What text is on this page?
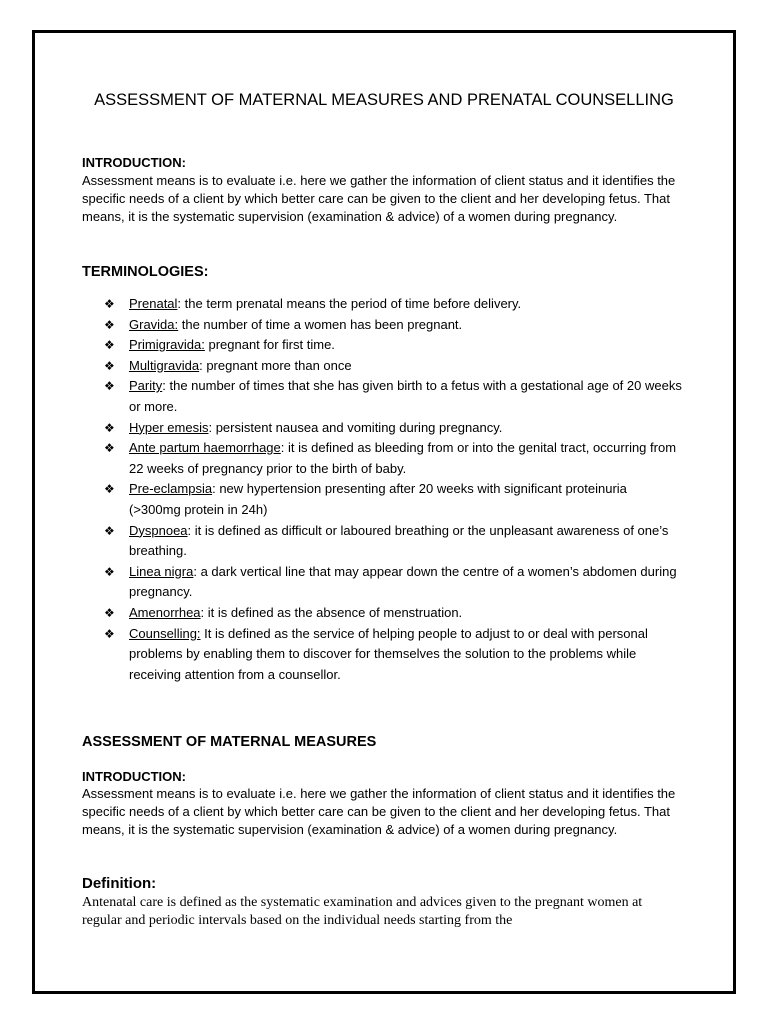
ASSESSMENT OF MATERNAL MEASURES AND PRENATAL COUNSELLING
INTRODUCTION:
Assessment means is to evaluate i.e. here we gather the information of client status and it identifies the specific needs of a client by which better care can be given to the client and her developing fetus. That means, it is the systematic supervision (examination & advice) of a women during pregnancy.
TERMINOLOGIES:
❖ Prenatal: the term prenatal means the period of time before delivery.
❖ Gravida: the number of time a women has been pregnant.
❖ Primigravida: pregnant for first time.
❖ Multigravida: pregnant more than once
❖ Parity: the number of times that she has given birth to a fetus with a gestational age of 20 weeks or more.
❖ Hyper emesis: persistent nausea and vomiting during pregnancy.
❖ Ante partum haemorrhage: it is defined as bleeding from or into the genital tract, occurring from 22 weeks of pregnancy prior to the birth of baby.
❖ Pre-eclampsia: new hypertension presenting after 20 weeks with significant proteinuria (>300mg protein in 24h)
❖ Dyspnoea: it is defined as difficult or laboured breathing or the unpleasant awareness of one’s breathing.
❖ Linea nigra: a dark vertical line that may appear down the centre of a women’s abdomen during pregnancy.
❖ Amenorrhea: it is defined as the absence of menstruation.
❖ Counselling: It is defined as the service of helping people to adjust to or deal with personal problems by enabling them to discover for themselves the solution to the problems while receiving attention from a counsellor.
ASSESSMENT OF MATERNAL MEASURES
INTRODUCTION:
Assessment means is to evaluate i.e. here we gather the information of client status and it identifies the specific needs of a client by which better care can be given to the client and her developing fetus. That means, it is the systematic supervision (examination & advice) of a women during pregnancy.
Definition:
Antenatal care is defined as the systematic examination and advices given to the pregnant women at regular and periodic intervals based on the individual needs starting from the
